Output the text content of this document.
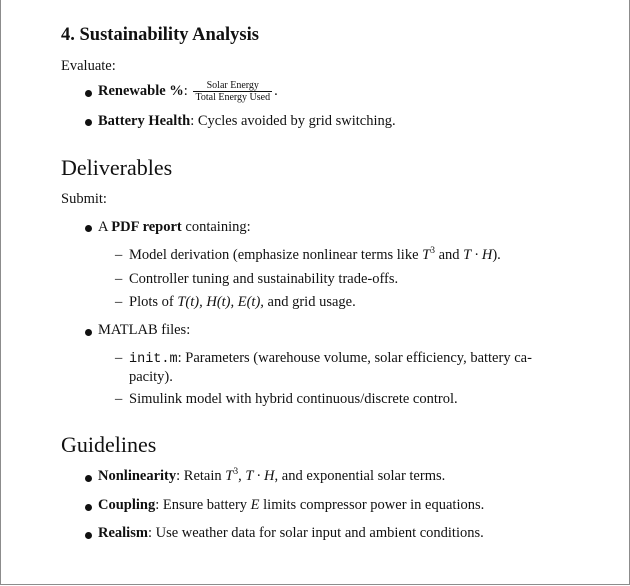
4. Sustainability Analysis
Evaluate:
Renewable %: $\frac{\text{Solar Energy}}{\text{Total Energy Used}}$ .
Battery Health: Cycles avoided by grid switching.
Deliverables
Submit:
A PDF report containing:
– Model derivation (emphasize nonlinear terms like $T^3$ and T · H).
– Controller tuning and sustainability trade-offs.
– Plots of T(t), H(t), E(t), and grid usage.
MATLAB files:
– init.m: Parameters (warehouse volume, solar efficiency, battery ca-
pacity).
– Simulink model with hybrid continuous/discrete control.
Guidelines
Nonlinearity: Retain $T^3$, T · H, and exponential solar terms.
Coupling: Ensure battery E limits compressor power in equations.
Realism: Use weather data for solar input and ambient conditions.
